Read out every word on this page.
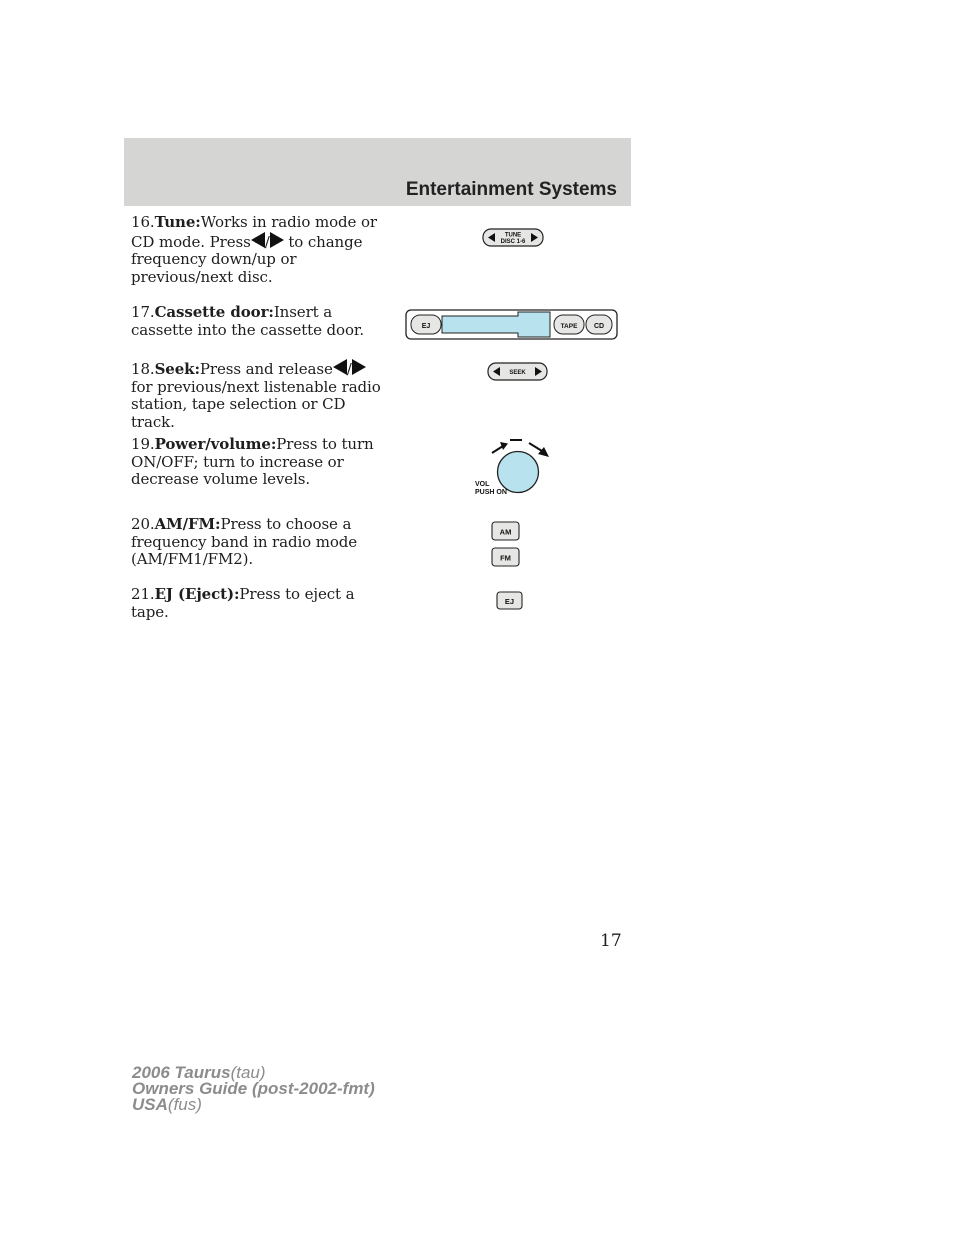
Entertainment Systems
16.Tune:Works in radio mode or CD mode. Press / to change frequency down/up or previous/next disc.
17.Cassette door:Insert a cassette into the cassette door.
18.Seek:Press and release / for previous/next listenable radio station, tape selection or CD track.
19.Power/volume:Press to turn ON/OFF; turn to increase or decrease volume levels.
20.AM/FM:Press to choose a frequency band in radio mode (AM/FM1/FM2).
21.EJ (Eject):Press to eject a tape.
TUNE
DISC 1-6
EJ	TAPE CD
SEEK
VOL
PUSH ON
AM
FM
EJ
17
2006 Taurus(tau)
Owners Guide (post-2002-fmt)
USA(fus)
